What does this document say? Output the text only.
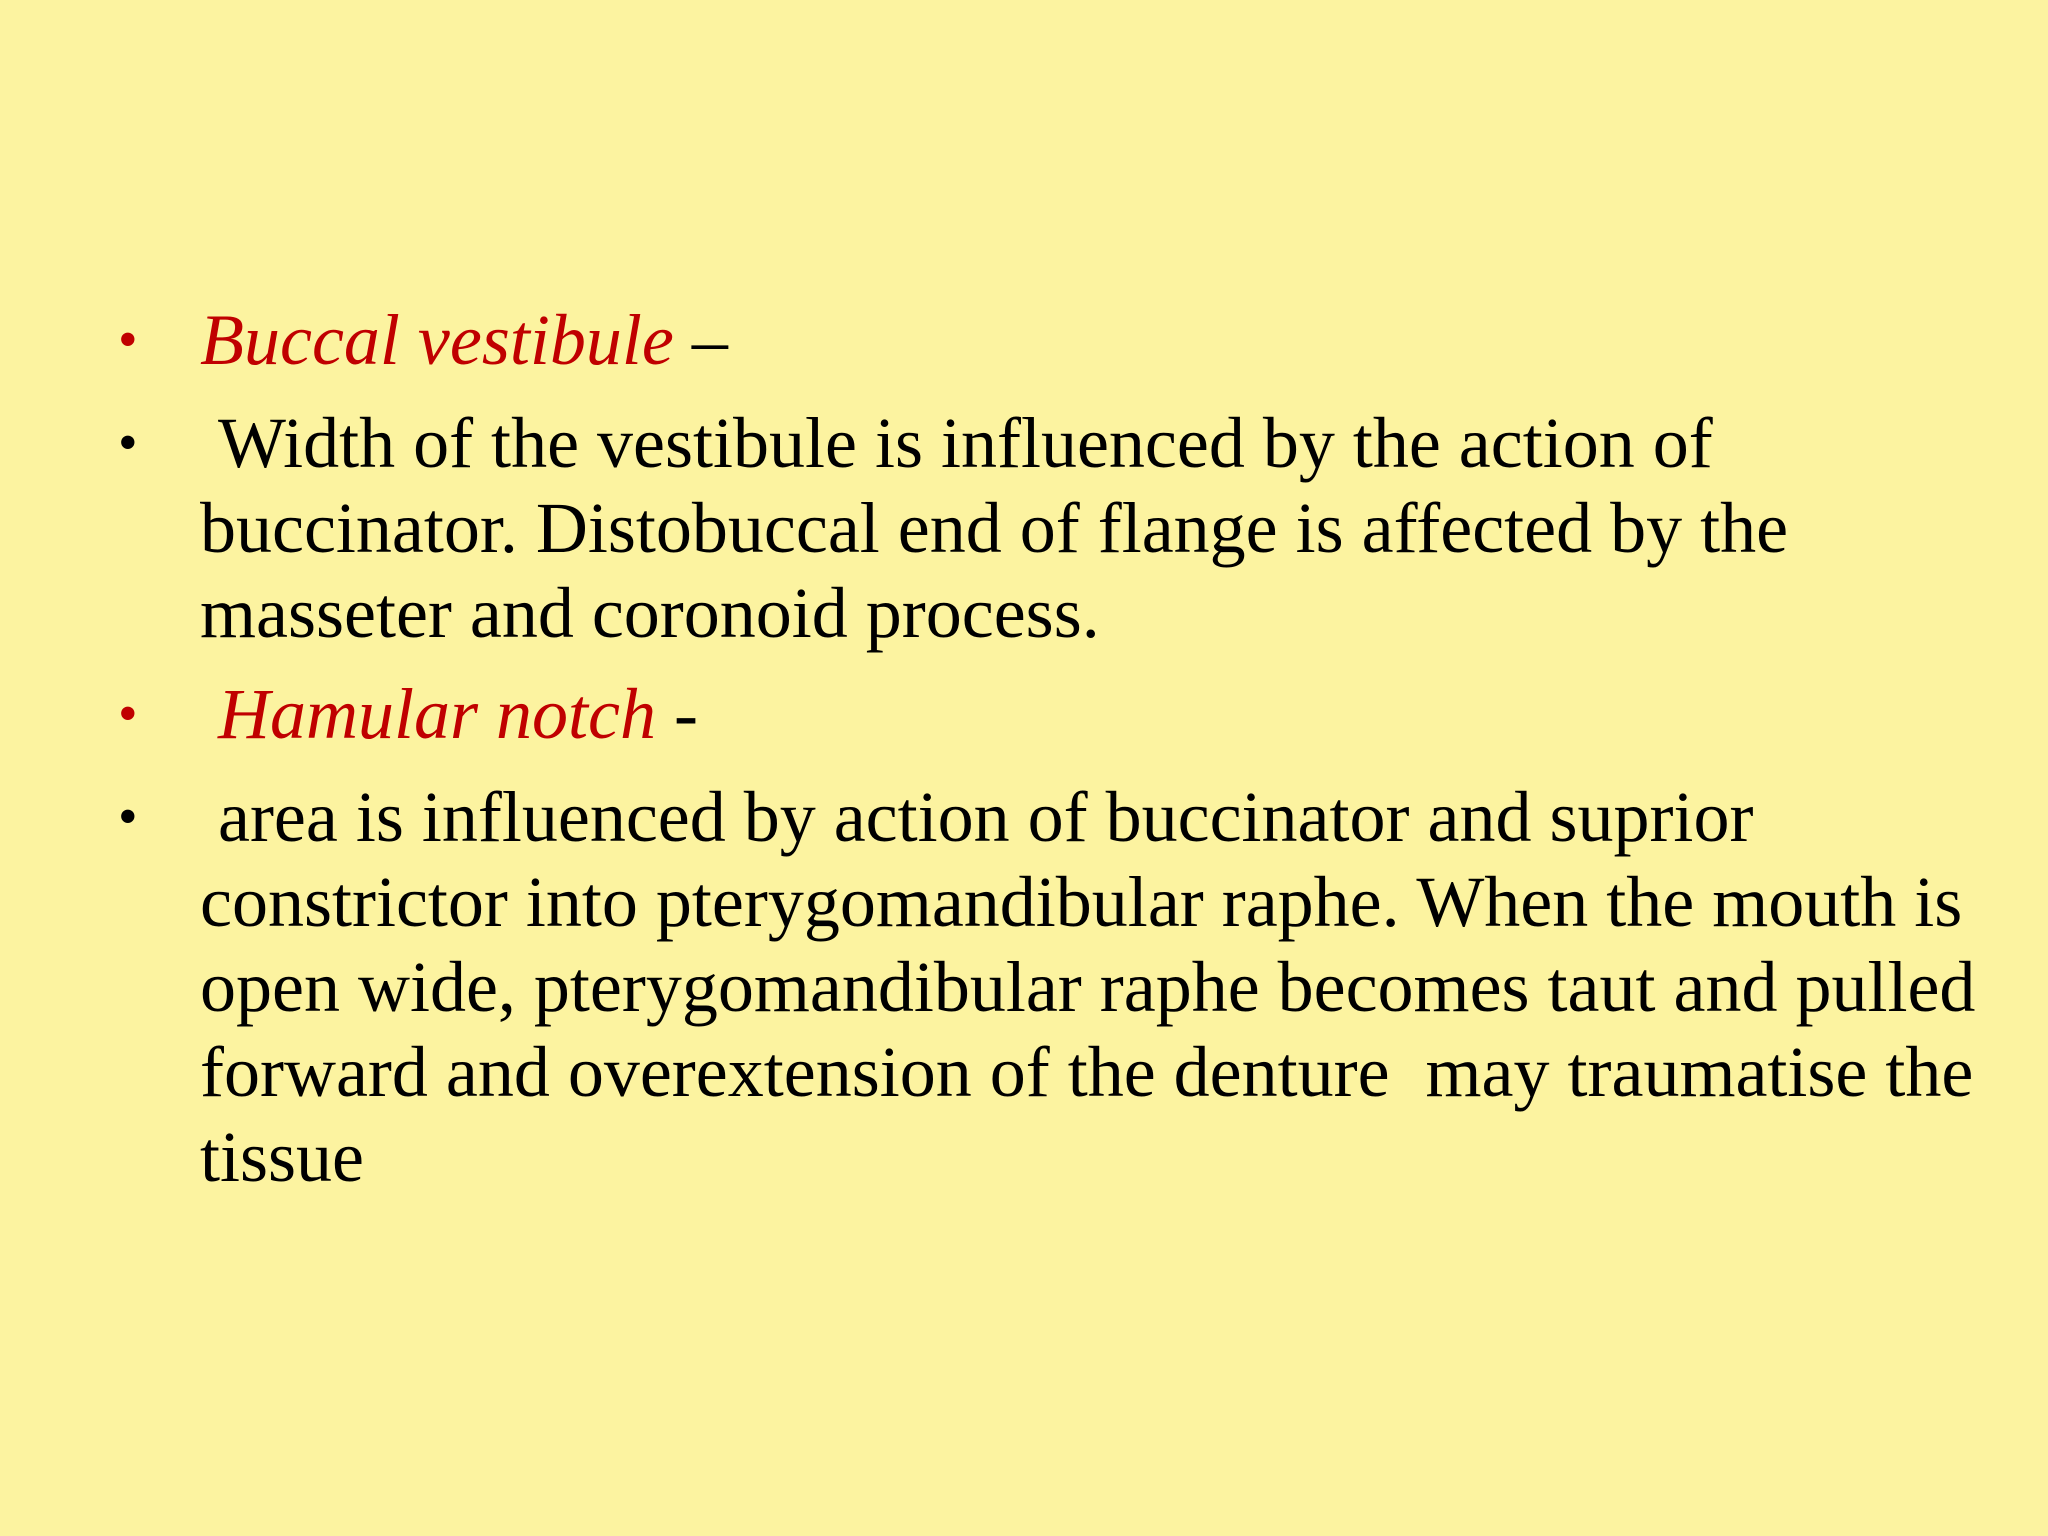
• Buccal vestibule –
• Width of the vestibule is influenced by the action of buccinator. Distobuccal end of flange is affected by the masseter and coronoid process.
• Hamular notch -
• area is influenced by action of buccinator and suprior constrictor into pterygomandibular raphe. When the mouth is open wide, pterygomandibular raphe becomes taut and pulled forward and overextension of the denture  may traumatise the tissue
